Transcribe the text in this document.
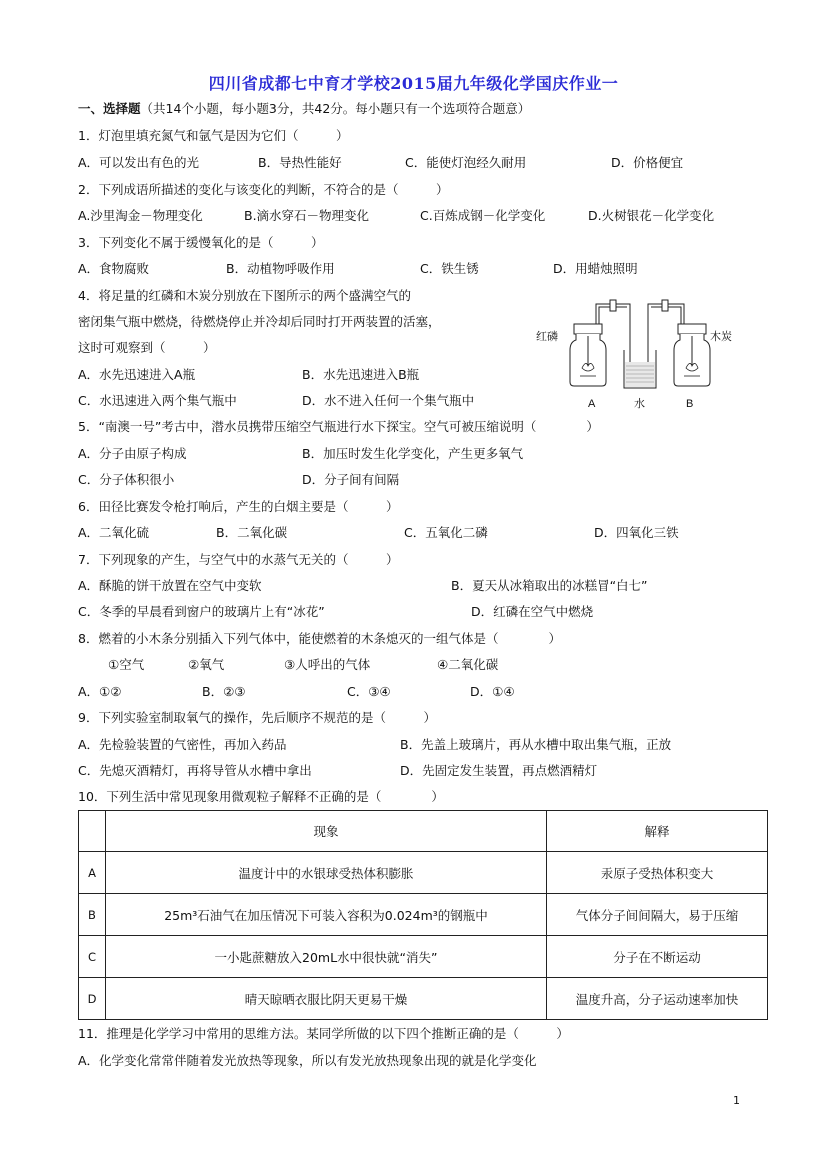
四川省成都七中育才学校2015届九年级化学国庆作业一
一、选择题（共14个小题，每小题3分，共42分。每小题只有一个选项符合题意）
1．灯泡里填充氮气和氩气是因为它们（　　　）
A．可以发出有色的光	B．导热性能好	C．能使灯泡经久耐用	D．价格便宜
2．下列成语所描述的变化与该变化的判断，不符合的是（　　　）
A.沙里淘金－物理变化	B.滴水穿石－物理变化	C.百炼成钢－化学变化	D.火树银花－化学变化
3．下列变化不属于缓慢氧化的是（　　　）
A．食物腐败	B．动植物呼吸作用	C．铁生锈	D．用蜡烛照明
4．将足量的红磷和木炭分别放在下图所示的两个盛满空气的
密闭集气瓶中燃烧，待燃烧停止并冷却后同时打开两装置的活塞，
这时可观察到（　　　）
A．水先迅速进入A瓶	B．水先迅速进入B瓶
C．水迅速进入两个集气瓶中	D．水不进入任何一个集气瓶中
红磷	木炭
A	水	B
5．“南澳一号”考古中，潜水员携带压缩空气瓶进行水下探宝。空气可被压缩说明（　　　　）
A．分子由原子构成	B．加压时发生化学变化，产生更多氧气
C．分子体积很小	D．分子间有间隔
6．田径比赛发令枪打响后，产生的白烟主要是（　　　）
A．二氧化硫	B．二氧化碳	C．五氧化二磷	D．四氧化三铁
7．下列现象的产生，与空气中的水蒸气无关的（　　　）
A．酥脆的饼干放置在空气中变软	B．夏天从冰箱取出的冰糕冒“白七”
C．冬季的早晨看到窗户的玻璃片上有“冰花”	D．红磷在空气中燃烧
8．燃着的小木条分别插入下列气体中，能使燃着的木条熄灭的一组气体是（　　　　）
①空气	②氧气	③人呼出的气体	④二氧化碳
A．①②	B．②③	C．③④	D．①④
9．下列实验室制取氧气的操作，先后顺序不规范的是（　　　）
A．先检验装置的气密性，再加入药品	B．先盖上玻璃片，再从水槽中取出集气瓶，正放
C．先熄灭酒精灯，再将导管从水槽中拿出	D．先固定发生装置，再点燃酒精灯
10．下列生活中常见现象用微观粒子解释不正确的是（　　　　）
	现象	解释
A	温度计中的水银球受热体积膨胀	汞原子受热体积变大
B	25m³石油气在加压情况下可装入容积为0.024m³的钢瓶中	气体分子间间隔大，易于压缩
C	一小匙蔗糖放入20mL水中很快就“消失”	分子在不断运动
D	晴天晾晒衣服比阴天更易干燥	温度升高，分子运动速率加快
11．推理是化学学习中常用的思维方法。某同学所做的以下四个推断正确的是（　　　）
A．化学变化常常伴随着发光放热等现象，所以有发光放热现象出现的就是化学变化
1
